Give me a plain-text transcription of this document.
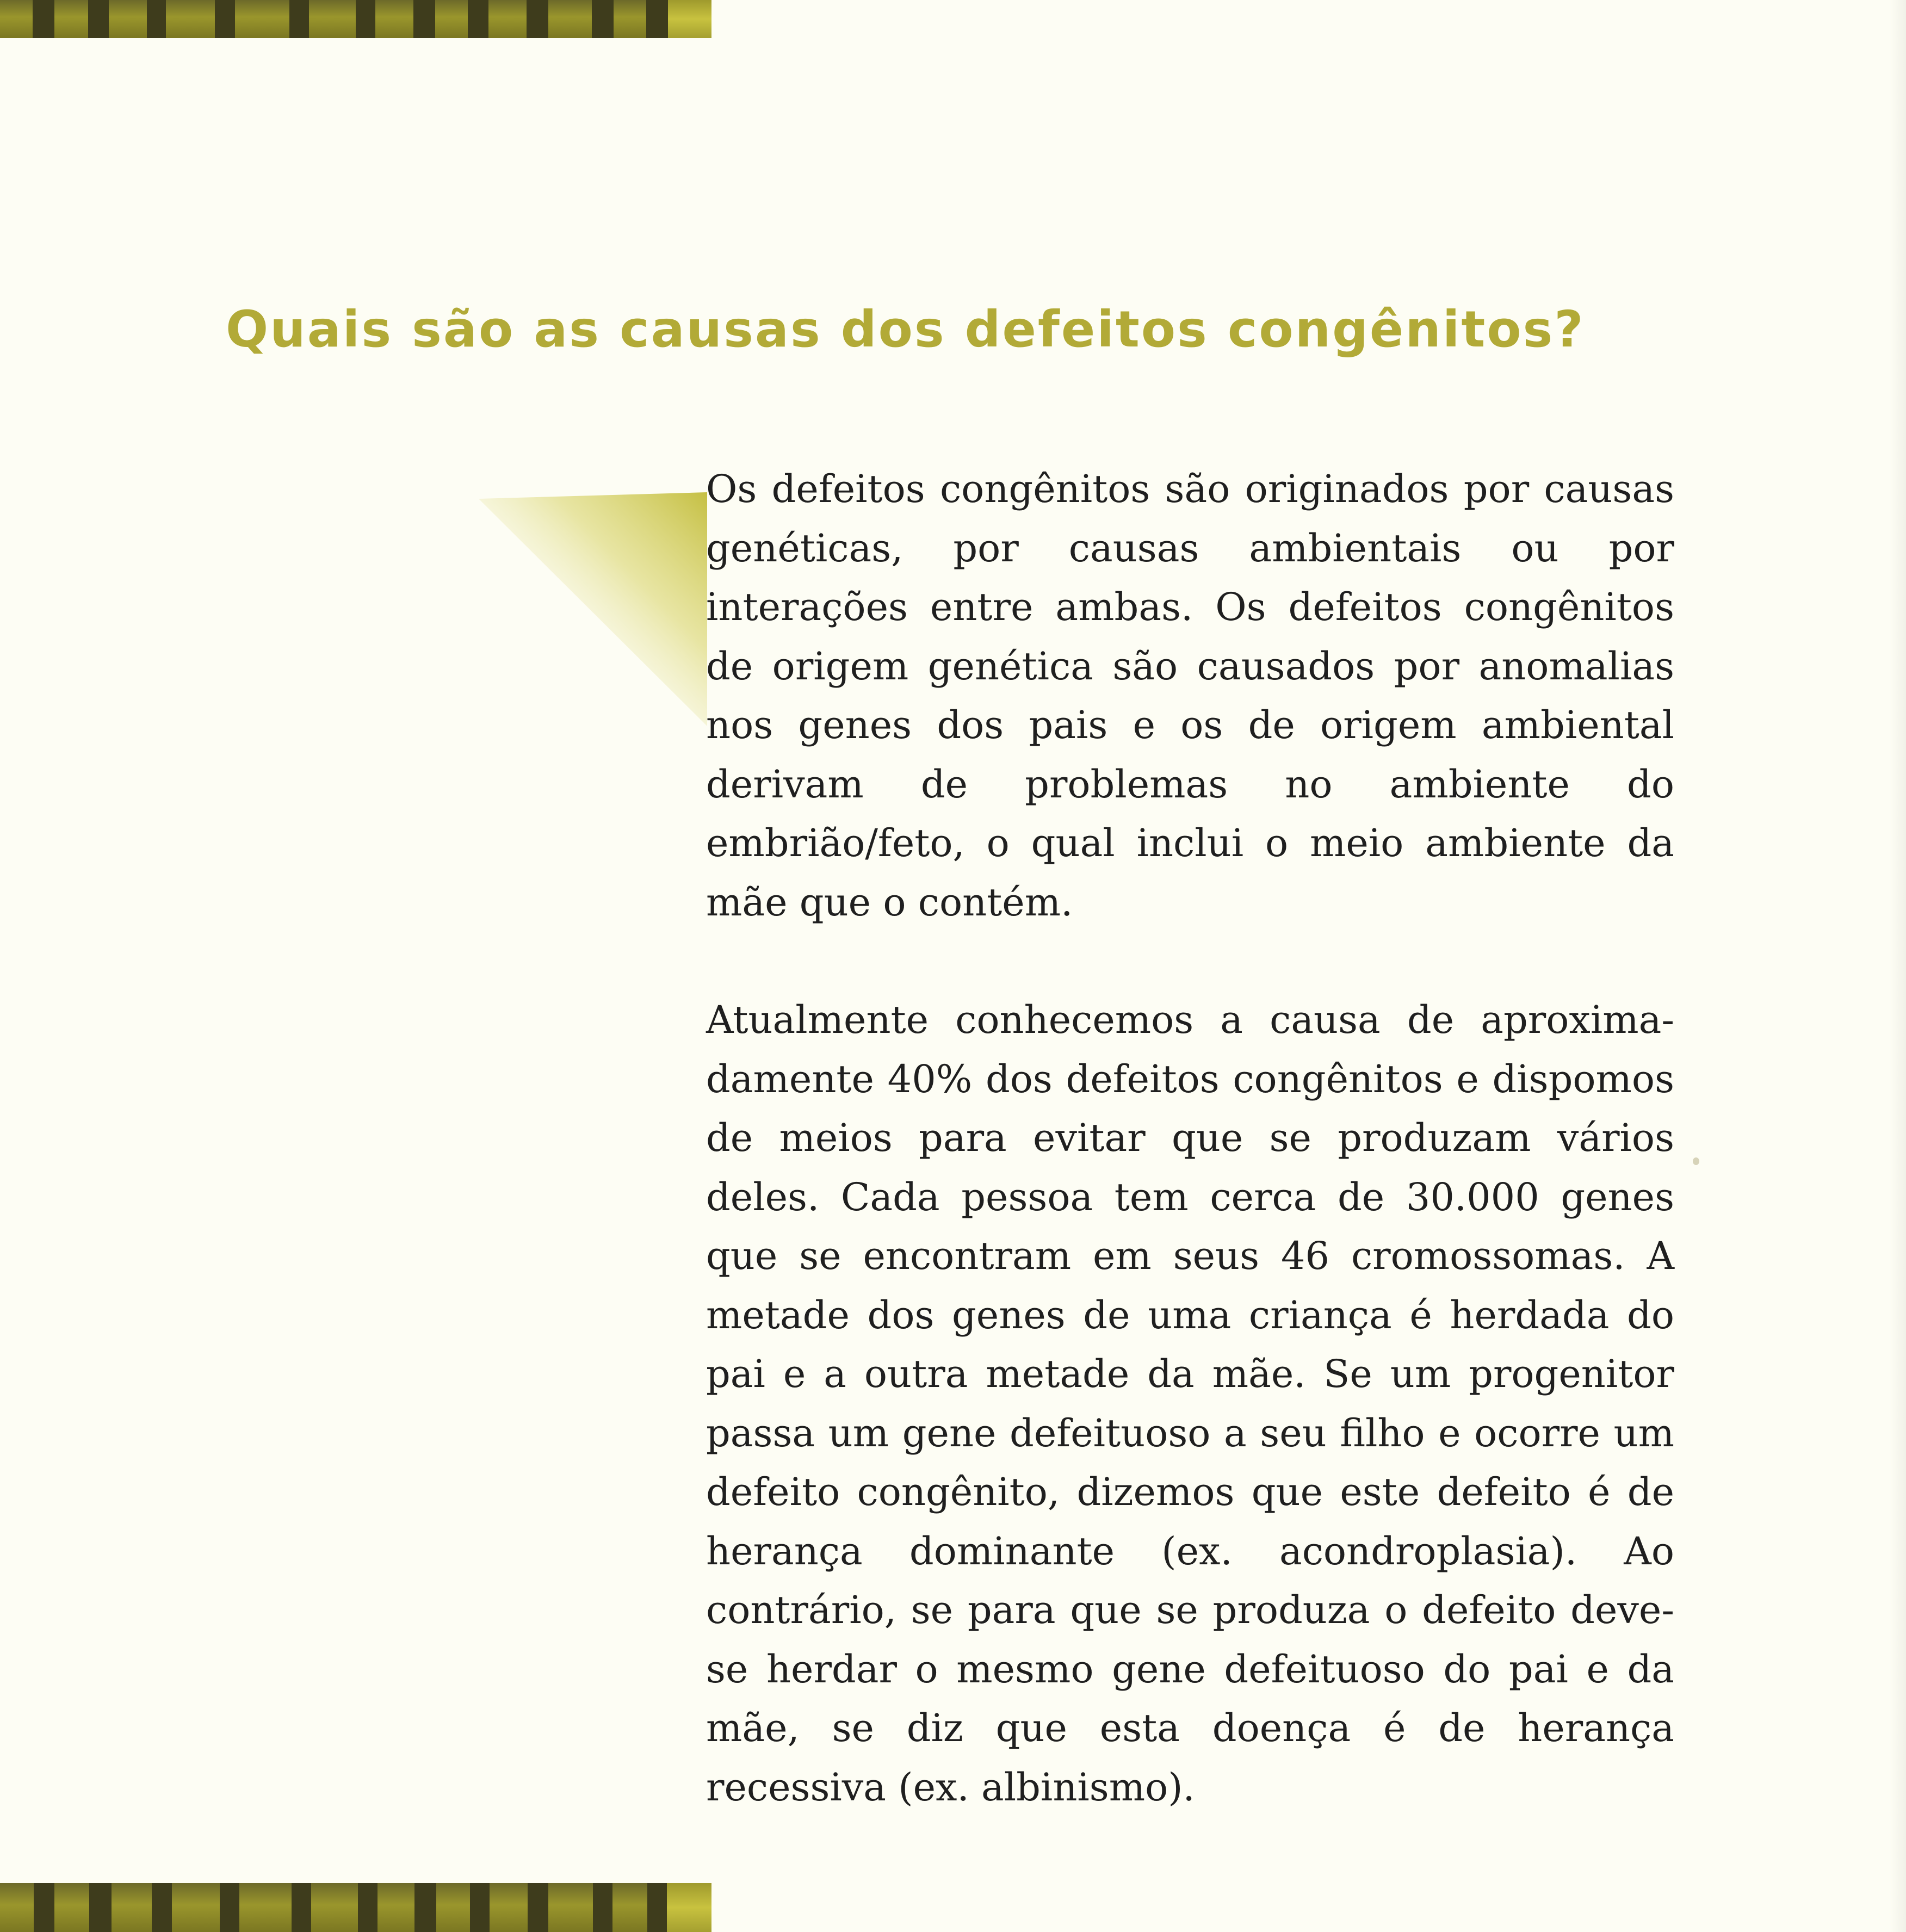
Quais são as causas dos defeitos congênitos?

Os defeitos congênitos são originados por causas genéticas, por causas ambientais ou por interações entre ambas. Os defeitos congênitos de origem genética são causados por anomalias nos genes dos pais e os de origem ambiental derivam de problemas no ambiente do embrião/feto, o qual inclui o meio ambiente da mãe que o contém.

Atualmente conhecemos a causa de aproxima-damente 40% dos defeitos congênitos e dispomos de meios para evitar que se produzam vários deles. Cada pessoa tem cerca de 30.000 genes que se encontram em seus 46 cromossomas. A metade dos genes de uma criança é herdada do pai e a outra metade da mãe. Se um progenitor passa um gene defeituoso a seu filho e ocorre um defeito congênito, dizemos que este defeito é de herança dominante (ex. acondroplasia). Ao contrário, se para que se produza o defeito deve-se herdar o mesmo gene defeituoso do pai e da mãe, se diz que esta doença é de herança recessiva (ex. albinismo).
